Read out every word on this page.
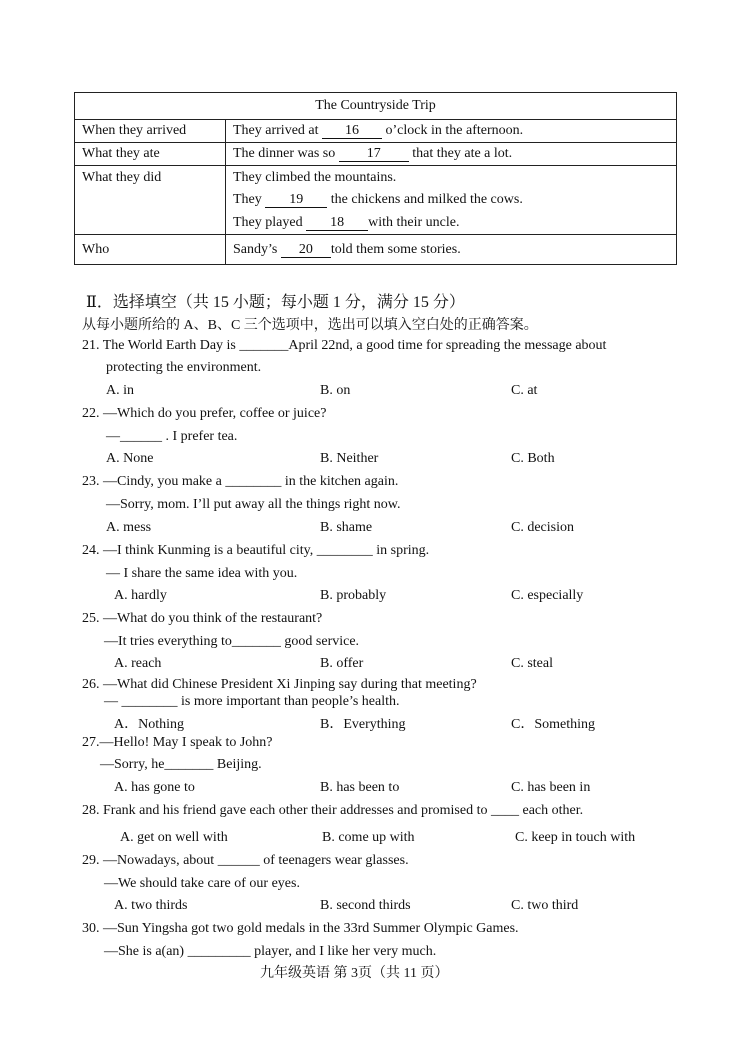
The Countryside Trip
When they arrived	They arrived at 16 o’clock in the afternoon.
What they ate	The dinner was so 17 that they ate a lot.
What they did	They climbed the mountains.
They 19 the chickens and milked the cows.
They played 18 with their uncle.
Who	Sandy’s 20 told them some stories.
Ⅱ．选择填空（共 15 小题；每小题 1 分，满分 15 分）
从每小题所给的 A、B、C 三个选项中，选出可以填入空白处的正确答案。
21. The World Earth Day is _______April 22nd, a good time for spreading the message about
protecting the environment.
A. in	B. on	C. at
22. —Which do you prefer, coffee or juice?
—______ . I prefer tea.
A. None	B. Neither	C. Both
23. —Cindy, you make a ________ in the kitchen again.
—Sorry, mom. I’ll put away all the things right now.
A. mess	B. shame	C. decision
24. —I think Kunming is a beautiful city, ________ in spring.
— I share the same idea with you.
A. hardly	B. probably	C. especially
25. —What do you think of the restaurant?
—It tries everything to_______ good service.
A. reach	B. offer	C. steal
26. —What did Chinese President Xi Jinping say during that meeting?
— ________ is more important than people’s health.
A．Nothing	B．Everything	C．Something
27.—Hello! May I speak to John?
—Sorry, he_______ Beijing.
A. has gone to	B. has been to	C. has been in
28. Frank and his friend gave each other their addresses and promised to ____ each other.
A. get on well with	B. come up with	C. keep in touch with
29. —Nowadays, about ______ of teenagers wear glasses.
—We should take care of our eyes.
A. two thirds	B. second thirds	C. two third
30. —Sun Yingsha got two gold medals in the 33rd Summer Olympic Games.
—She is a(an) _________ player, and I like her very much.
九年级英语 第 3页（共 11 页）
